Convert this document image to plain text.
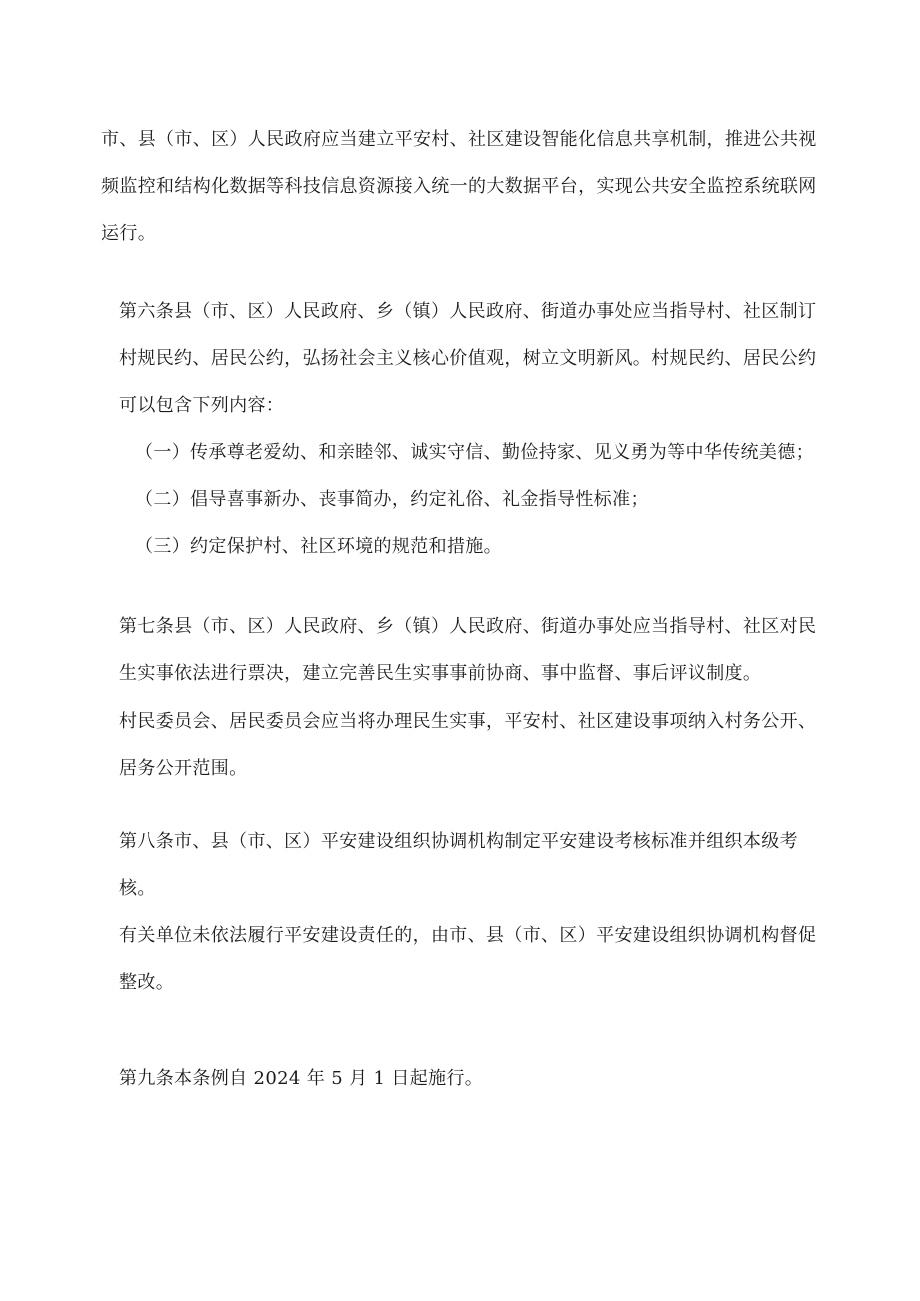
市、县（市、区）人民政府应当建立平安村、社区建设智能化信息共享机制，推进公共视频监控和结构化数据等科技信息资源接入统一的大数据平台，实现公共安全监控系统联网运行。

第六条县（市、区）人民政府、乡（镇）人民政府、街道办事处应当指导村、社区制订村规民约、居民公约，弘扬社会主义核心价值观，树立文明新风。村规民约、居民公约可以包含下列内容：

（一）传承尊老爱幼、和亲睦邻、诚实守信、勤俭持家、见义勇为等中华传统美德；

（二）倡导喜事新办、丧事简办，约定礼俗、礼金指导性标准；

（三）约定保护村、社区环境的规范和措施。

第七条县（市、区）人民政府、乡（镇）人民政府、街道办事处应当指导村、社区对民生实事依法进行票决，建立完善民生实事事前协商、事中监督、事后评议制度。

村民委员会、居民委员会应当将办理民生实事，平安村、社区建设事项纳入村务公开、居务公开范围。

第八条市、县（市、区）平安建设组织协调机构制定平安建设考核标准并组织本级考核。

有关单位未依法履行平安建设责任的，由市、县（市、区）平安建设组织协调机构督促整改。

第九条本条例自 2024 年 5 月 1 日起施行。
